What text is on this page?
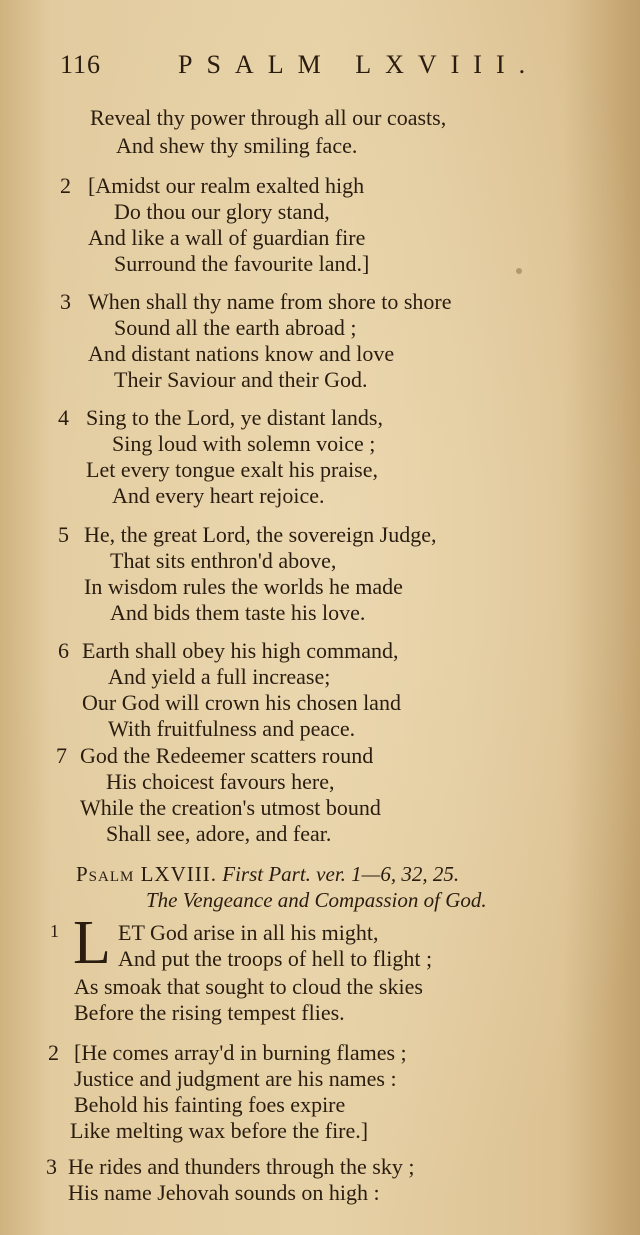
116	PSALM LXVIII.
Reveal thy power through all our coasts,
And shew thy smiling face.
2 [Amidst our realm exalted high
Do thou our glory stand,
And like a wall of guardian fire
Surround the favourite land.]
3 When shall thy name from shore to shore
Sound all the earth abroad ;
And distant nations know and love
Their Saviour and their God.
4 Sing to the Lord, ye distant lands,
Sing loud with solemn voice ;
Let every tongue exalt his praise,
And every heart rejoice.
5 He, the great Lord, the sovereign Judge,
That sits enthron'd above,
In wisdom rules the worlds he made
And bids them taste his love.
6 Earth shall obey his high command,
And yield a full increase;
Our God will crown his chosen land
With fruitfulness and peace.
7 God the Redeemer scatters round
His choicest favours here,
While the creation's utmost bound
Shall see, adore, and fear.
Psalm LXVIII. First Part. ver. 1—6, 32, 25.
The Vengeance and Compassion of God.
1 L ET God arise in all his might,
And put the troops of hell to flight ;
As smoak that sought to cloud the skies
Before the rising tempest flies.
2 [He comes array'd in burning flames ;
Justice and judgment are his names :
Behold his fainting foes expire
Like melting wax before the fire.]
3 He rides and thunders through the sky ;
His name Jehovah sounds on high :
